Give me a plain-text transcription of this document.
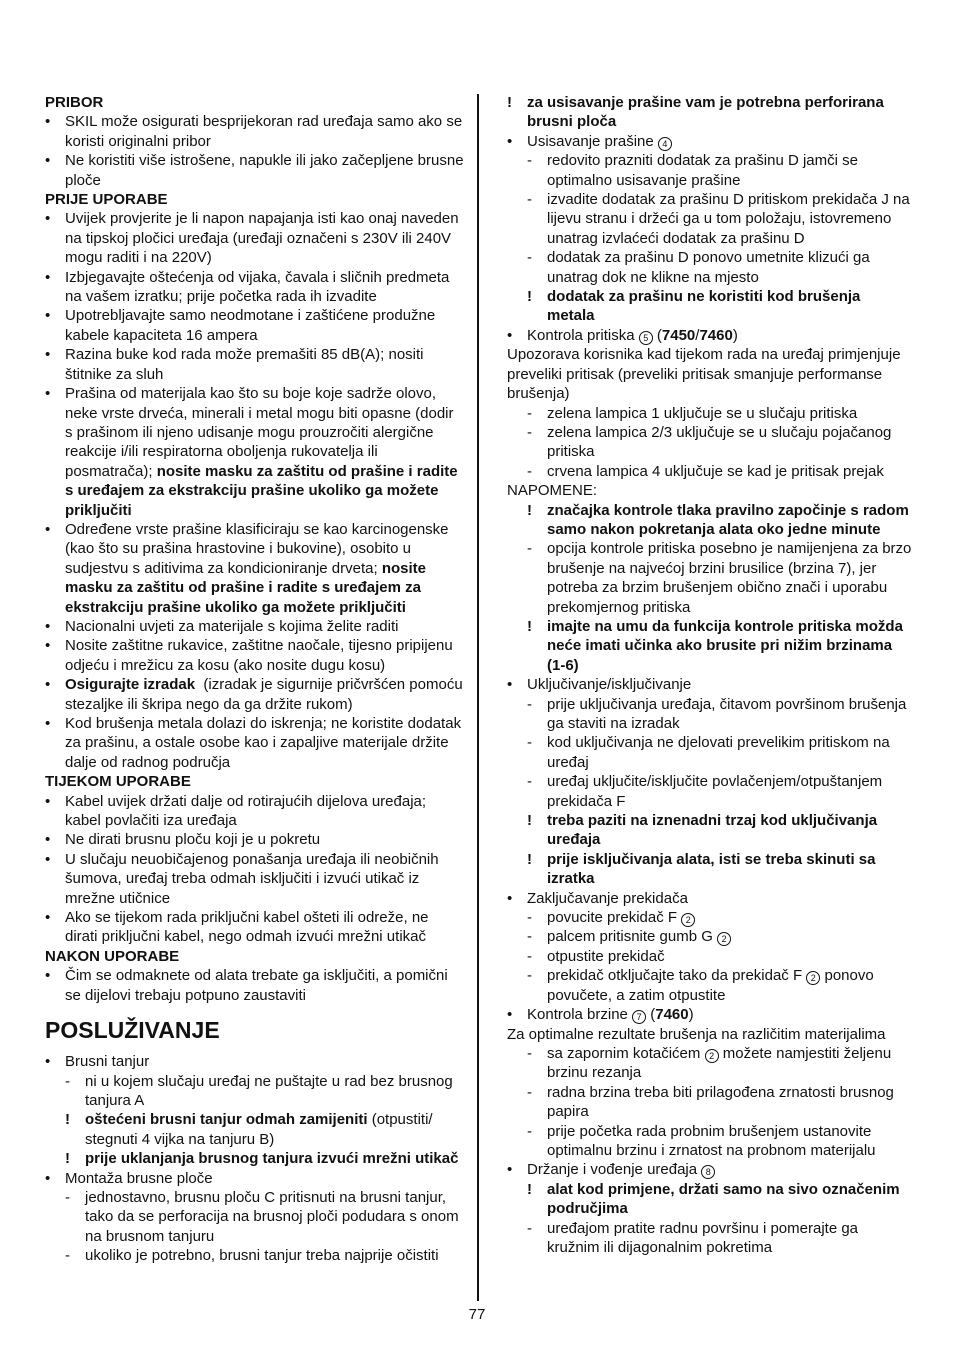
PRIBOR
• SKIL može osigurati besprijekoran rad uređaja samo ako se koristi originalni pribor
• Ne koristiti više istrošene, napukle ili jako začepljene brusne ploče
PRIJE UPORABE
• Uvijek provjerite je li napon napajanja isti kao onaj naveden na tipskoj pločici uređaja (uređaji označeni s 230V ili 240V mogu raditi i na 220V)
• Izbjegavajte oštećenja od vijaka, čavala i sličnih predmeta na vašem izratku; prije početka rada ih izvadite
• Upotrebljavajte samo neodmotane i zaštićene produžne kabele kapaciteta 16 ampera
• Razina buke kod rada može premašiti 85 dB(A); nositi štitnike za sluh
• Prašina od materijala kao što su boje koje sadrže olovo, neke vrste drveća, minerali i metal mogu biti opasne (dodir s prašinom ili njeno udisanje mogu prouzročiti alergične reakcije i/ili respiratorna oboljenja rukovatelja ili posmatrača); nosite masku za zaštitu od prašine i radite s uređajem za ekstrakciju prašine ukoliko ga možete priključiti
• Određene vrste prašine klasificiraju se kao karcinogenske (kao što su prašina hrastovine i bukovine), osobito u sudjestvu s aditivima za kondicioniranje drveta; nosite masku za zaštitu od prašine i radite s uređajem za ekstrakciju prašine ukoliko ga možete priključiti
• Nacionalni uvjeti za materijale s kojima želite raditi
• Nosite zaštitne rukavice, zaštitne naočale, tijesno pripijenu odjeću i mrežicu za kosu (ako nosite dugu kosu)
• Osigurajte izradak  (izradak je sigurnije pričvršćen pomoću stezaljke ili škripa nego da ga držite rukom)
• Kod brušenja metala dolazi do iskrenja; ne koristite dodatak za prašinu, a ostale osobe kao i zapaljive materijale držite dalje od radnog područja
TIJEKOM UPORABE
• Kabel uvijek držati dalje od rotirajućih dijelova uređaja; kabel povlačiti iza uređaja
• Ne dirati brusnu ploču koji je u pokretu
• U slučaju neuobičajenog ponašanja uređaja ili neobičnih šumova, uređaj treba odmah isključiti i izvući utikač iz mrežne utičnice
• Ako se tijekom rada priključni kabel ošteti ili odreže, ne dirati priključni kabel, nego odmah izvući mrežni utikač
NAKON UPORABE
• Čim se odmaknete od alata trebate ga isključiti, a pomični se dijelovi trebaju potpuno zaustaviti
POSLUŽIVANJE
• Brusni tanjur
- ni u kojem slučaju uređaj ne puštajte u rad bez brusnog tanjura A
! oštećeni brusni tanjur odmah zamijeniti (otpustiti/ stegnuti 4 vijka na tanjuru B)
! prije uklanjanja brusnog tanjura izvući mrežni utikač
• Montaža brusne ploče
- jednostavno, brusnu ploču C pritisnuti na brusni tanjur, tako da se perforacija na brusnoj ploči podudara s onom na brusnom tanjuru
- ukoliko je potrebno, brusni tanjur treba najprije očistiti
! za usisavanje prašine vam je potrebna perforirana brusni ploča
• Usisavanje prašine 4
- redovito prazniti dodatak za prašinu D jamči se optimalno usisavanje prašine
- izvadite dodatak za prašinu D pritiskom prekidača J na lijevu stranu i držeći ga u tom položaju, istovremeno unatrag izvlaćeći dodatak za prašinu D
- dodatak za prašinu D ponovo umetnite klizući ga unatrag dok ne klikne na mjesto
! dodatak za prašinu ne koristiti kod brušenja metala
• Kontrola pritiska 5 (7450/7460)
Upozorava korisnika kad tijekom rada na uređaj primjenjuje preveliki pritisak (preveliki pritisak smanjuje performanse brušenja)
- zelena lampica 1 uključuje se u slučaju pritiska
- zelena lampica 2/3 uključuje se u slučaju pojačanog pritiska
- crvena lampica 4 uključuje se kad je pritisak prejak
NAPOMENE:
! značajka kontrole tlaka pravilno započinje s radom samo nakon pokretanja alata oko jedne minute
- opcija kontrole pritiska posebno je namijenjena za brzo brušenje na najvećoj brzini brusilice (brzina 7), jer potreba za brzim brušenjem obično znači i uporabu prekomjernog pritiska
! imajte na umu da funkcija kontrole pritiska možda neće imati učinka ako brusite pri nižim brzinama (1-6)
• Uključivanje/isključivanje
- prije uključivanja uređaja, čitavom površinom brušenja ga staviti na izradak
- kod uključivanja ne djelovati prevelikim pritiskom na uređaj
- uređaj uključite/isključite povlačenjem/otpuštanjem prekidača F
! treba paziti na iznenadni trzaj kod uključivanja uređaja
! prije isključivanja alata, isti se treba skinuti sa izratka
• Zaključavanje prekidača
- povucite prekidač F 2
- palcem pritisnite gumb G 2
- otpustite prekidač
- prekidač otključajte tako da prekidač F 2 ponovo povučete, a zatim otpustite
• Kontrola brzine 7 (7460)
Za optimalne rezultate brušenja na različitim materijalima
- sa zapornim kotačićem 2 možete namjestiti željenu brzinu rezanja
- radna brzina treba biti prilagođena zrnatosti brusnog papira
- prije početka rada probnim brušenjem ustanovite optimalnu brzinu i zrnatost na probnom materijalu
• Držanje i vođenje uređaja 8
! alat kod primjene, držati samo na sivo označenim područjima
- uređajom pratite radnu površinu i pomerajte ga kružnim ili dijagonalnim pokretima
77
